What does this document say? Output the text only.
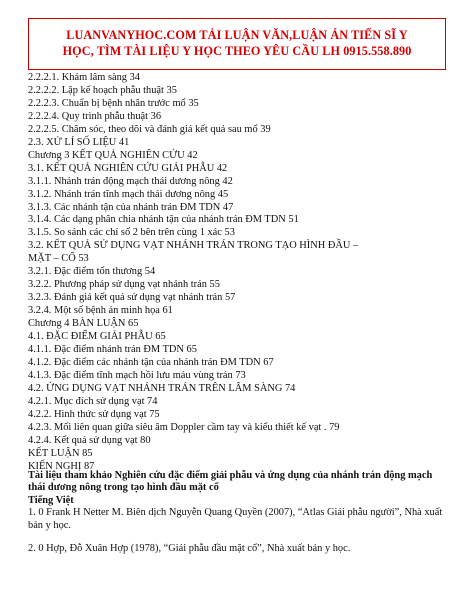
LUANVANYHOC.COM TẢI LUẬN VĂN,LUẬN ÁN TIẾN SĨ Y
HỌC, TÌM TÀI LIỆU Y HỌC THEO YÊU CẦU LH 0915.558.890
2.2.2.1. Khám lâm sàng 34
2.2.2.2. Lập kế hoạch phẫu thuật 35
2.2.2.3. Chuẩn bị bệnh nhân trước mổ 35
2.2.2.4. Quy trình phẫu thuật 36
2.2.2.5. Chăm sóc, theo dõi và đánh giá kết quả sau mổ 39
2.3. XỬ LÍ SỐ LIỆU 41
Chương 3 KẾT QUẢ NGHIÊN CỨU 42
3.1. KẾT QUẢ NGHIÊN CỨU GIẢI PHẪU 42
3.1.1. Nhánh trán động mạch thái dương nông 42
3.1.2. Nhánh trán tĩnh mạch thái dương nông 45
3.1.3. Các nhánh tận của nhánh trán ĐM TDN 47
3.1.4. Các dạng phân chia nhánh tận của nhánh trán ĐM TDN 51
3.1.5. So sánh các chỉ số 2 bên trên cùng 1 xác 53
3.2. KẾT QUẢ SỬ DỤNG VẠT NHÁNH TRÁN TRONG TẠO HÌNH ĐẦU –
MẶT – CỔ 53
3.2.1. Đặc điểm tổn thương 54
3.2.2. Phương pháp sử dụng vạt nhánh trán 55
3.2.3. Đánh giá kết quả sử dụng vạt nhánh trán 57
3.2.4. Một số bệnh án minh họa 61
Chương 4 BÀN LUẬN 65
4.1. ĐẶC ĐIỂM GIẢI PHẪU 65
4.1.1. Đặc điểm nhánh trán ĐM TDN 65
4.1.2. Đặc điểm các nhánh tận của nhánh trán ĐM TDN 67
4.1.3. Đặc điểm tĩnh mạch hồi lưu máu vùng trán 73
4.2. ỨNG DỤNG VẠT NHÁNH TRÁN TRÊN LÂM SÀNG 74
4.2.1. Mục đích sử dụng vạt 74
4.2.2. Hình thức sử dụng vạt 75
4.2.3. Mối liên quan giữa siêu âm Doppler cầm tay và kiểu thiết kế vạt . 79
4.2.4. Kết quả sử dụng vạt 80
KẾT LUẬN 85
KIẾN NGHỊ 87
Tài liệu tham khảo Nghiên cứu đặc điểm giải phẫu và ứng dụng của nhánh trán động mạch thái dương nông trong tạo hình đầu mặt cổ
Tiếng Việt
1. 0 Frank H Netter M. Biên dịch Nguyễn Quang Quyền (2007), “Atlas Giải phẫu người”, Nhà xuất bản y học.
2. 0 Hợp, Đỗ Xuân Hợp (1978), “Giải phẫu đầu mặt cổ”, Nhà xuất bản y học.
